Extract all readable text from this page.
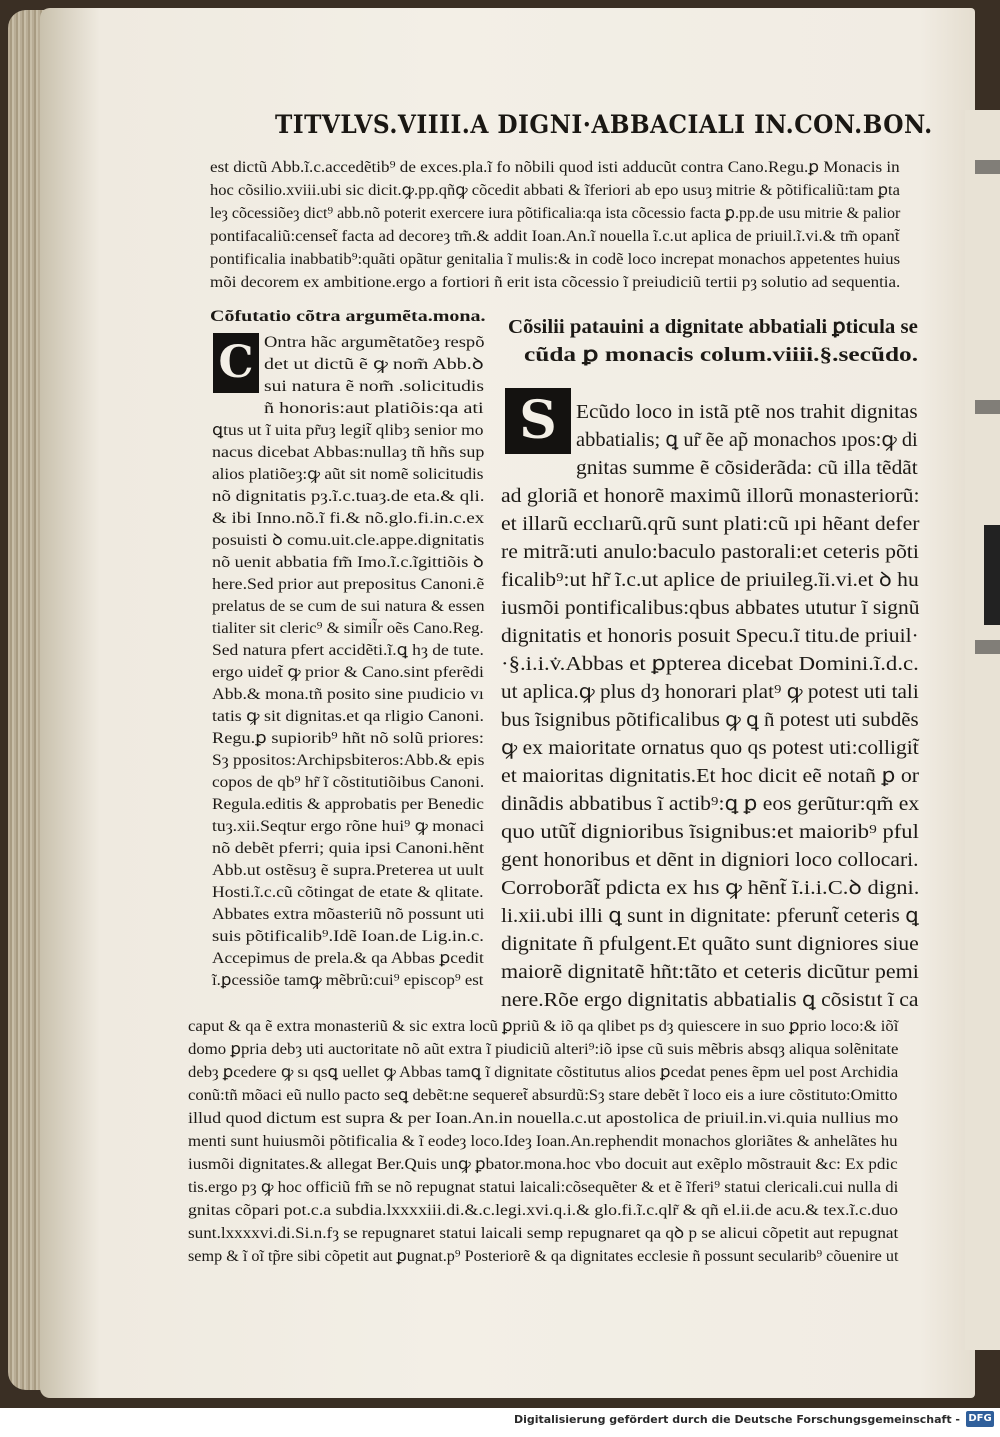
TITVLVS.VIIII.A DIGNI·ABBACIALI IN.CON.BON.

est dictũ Abb.ĩ.c.accedẽtib⁹ de exces.pla.ĩ fo nõbili quod isti adducũt contra Cano.Regu.ꝑ Monacis in

hoc cõsilio.xviii.ubi sic dicit.ꝙ.pp.qñꝙ cõcedit abbati & ĩferiori ab epo usuȝ mitrie & põtificaliũ:tam ꝑta

leȝ cõcessiõeȝ dict⁹ abb.nõ poterit exercere iura põtificalia:qa ista cõcessio facta ꝑ.pp.de usu mitrie & palior

pontifacaliũ:censet̃ facta ad decoreȝ tm̃.& addit Ioan.An.ĩ nouella ĩ.c.ut aplica de priuil.ĩ.vi.& tm̃ opant̃

pontificalia inabbatib⁹:quãti opãtur genitalia ĩ mulis:& in codẽ loco increpat monachos appetentes huius

mõi decorem ex ambitione.ergo a fortiori ñ erit ista cõcessio ĩ preiudiciũ tertii pȝ solutio ad sequentia.

Cõfutatio cõtra argumẽta.mona.

C Ontra hãc argumẽtatõeȝ respõ

det ut dictũ ẽ ꝙ nom̃ Abb.ꝺ

sui natura ẽ nom̃ .solicitudis

ñ honoris:aut platiõis:qa ati

ꝗtus ut ĩ uita pr̃uȝ legit̃ qlibȝ senior mo

nacus dicebat Abbas:nullaȝ tñ hñs sup

alios platiõeȝ:ꝙ aũt sit nomẽ solicitudis

nõ dignitatis pȝ.ĩ.c.tuaȝ.de eta.& qli.

& ibi Inno.nõ.ĩ fi.& nõ.glo.fi.in.c.ex

posuisti ꝺ comu.uit.cle.appe.dignitatis

nõ uenit abbatia fm̃ Imo.ĩ.c.ĩgittiõis ꝺ

here.Sed prior aut prepositus Canoni.ẽ

prelatus de se cum de sui natura & essen

tialiter sit cleric⁹ & simil̃r oẽs Cano.Reg.

Sed natura pfert accidẽti.ĩ.ꝗ hȝ de tute.

ergo uidet̃ ꝙ prior & Cano.sint pferẽdi

Abb.& mona.tñ posito sine pıudicio vı

tatis ꝙ sit dignitas.et qa rligio Canoni.

Regu.ꝑ supiorib⁹ hñt nõ solũ priores:

Sȝ ppositos:Archipsbiteros:Abb.& epis

copos de qb⁹ hr̃ ĩ cõstitutiõibus Canoni.

Regula.editis & approbatis per Benedic

tuȝ.xii.Seqtur ergo rõne hui⁹ ꝙ monaci

nõ debẽt pferri; quia ipsi Canoni.hẽnt

Abb.ut ostẽsuȝ ẽ supra.Preterea ut uult

Hosti.ĩ.c.cũ cõtingat de etate & qlitate.

Abbates extra mõasteriũ nõ possunt uti

suis põtificalib⁹.Idẽ Ioan.de Lig.in.c.

Accepimus de prela.& qa Abbas ꝑcedit

ĩ.ꝑcessiõe tamꝙ mẽbrũ:cui⁹ episcop⁹ est

Cõsilii patauini a dignitate abbatiali ꝑticula se

cũda ꝑ monacis colum.viiii.§.secũdo.

S Ecũdo loco in istã ptẽ nos trahit dignitas

abbatialis; ꝗ ur̃ ẽe ap̃ monachos ıpos:ꝙ di

gnitas summe ẽ cõsiderãda: cũ illa tẽdãt

ad gloriã et honorẽ maximũ illorũ monasteriorũ:

et illarũ ecclıarũ.qrũ sunt plati:cũ ıpi hẽant defer

re mitrã:uti anulo:baculo pastorali:et ceteris põti

ficalib⁹:ut hr̃ ĩ.c.ut aplice de priuileg.ĩi.vi.et ꝺ hu

iusmõi pontificalibus:qbus abbates ututur ĩ signũ

dignitatis et honoris posuit Specu.ĩ titu.de priuil·

·§.i.i.v̇.Abbas et ꝑpterea dicebat Domini.ĩ.d.c.

ut aplica.ꝙ plus dȝ honorari plat⁹ ꝙ potest uti tali

bus ĩsignibus põtificalibus ꝙ ꝗ ñ potest uti subdẽs

ꝙ ex maioritate ornatus quo qs potest uti:colligit̃

et maioritas dignitatis.Et hoc dicit eẽ notañ ꝑ or

dinãdis abbatibus ĩ actib⁹:ꝗ ꝑ eos gerũtur:qm̃ ex

quo utũt̃ dignioribus ĩsignibus:et maiorib⁹ pful

gent honoribus et dẽnt in digniori loco collocari.

Corroborãt̃ pdicta ex hıs ꝙ hẽnt̃ ĩ.i.i.C.ꝺ digni.

li.xii.ubi illi ꝗ sunt in dignitate: pferunt̃ ceteris ꝗ

dignitate ñ pfulgent.Et quãto sunt digniores siue

maiorẽ dignitatẽ hñt:tãto et ceteris dicũtur pemi

nere.Rõe ergo dignitatis abbatialis ꝗ cõsistıt ĩ ca

caput & qa ẽ extra monasteriũ & sic extra locũ ꝑpriũ & iõ qa qlibet ps dȝ quiescere in suo ꝑprio loco:& iõĩ

domo ꝑpria debȝ uti auctoritate nõ aũt extra ĩ piudiciũ alteri⁹:iõ ipse cũ suis mẽbris absqȝ aliqua solẽnitate

debȝ ꝑcedere ꝙ sı qsꝗ uellet ꝙ Abbas tamꝗ ĩ dignitate cõstitutus alios ꝑcedat penes ẽpm uel post Archidia

conũ:tñ mõaci eũ nullo pacto seꝗ debẽt:ne sequeret̃ absurdũ:Sȝ stare debẽt ĩ loco eis a iure cõstituto:Omitto

illud quod dictum est supra & per Ioan.An.in nouella.c.ut apostolica de priuil.in.vi.quia nullius mo

menti sunt huiusmõi põtificalia & ĩ eodeȝ loco.Ideȝ Ioan.An.rephendit monachos gloriãtes & anhelãtes hu

iusmõi dignitates.& allegat Ber.Quis unꝙ ꝑbator.mona.hoc vbo docuit aut exẽplo mõstrauit &c: Ex pdic

tis.ergo pȝ ꝙ hoc officiũ fm̃ se nõ repugnat statui laicali:cõsequẽter & et ẽ ĩferi⁹ statui clericali.cui nulla di

gnitas cõpari pot.c.a subdia.lxxxxiii.di.&.c.legi.xvi.q.i.& glo.fi.ĩ.c.qlr̃ & qñ el.ii.de acu.& tex.ĩ.c.duo

sunt.lxxxxvi.di.Si.n.fȝ se repugnaret statui laicali semp repugnaret qa qꝺ p se alicui cõpetit aut repugnat

semp & ĩ oĩ tp̃re sibi cõpetit aut ꝑugnat.p⁹ Posteriorẽ & qa dignitates ecclesie ñ possunt secularib⁹ cõuenire ut

Digitalisierung gefördert durch die Deutsche Forschungsgemeinschaft - DFG
